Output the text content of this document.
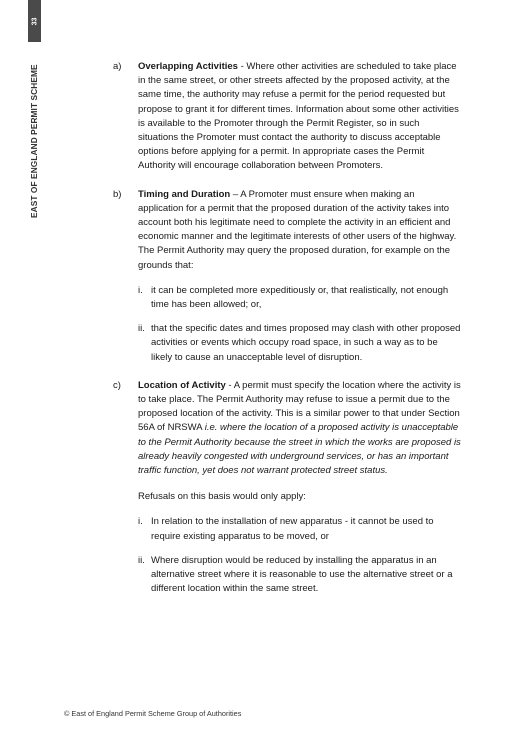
33
EAST OF ENGLAND PERMIT SCHEME	a) Overlapping Activities - Where other activities are scheduled to take place in the same street, or other streets affected by the proposed activity, at the same time, the authority may refuse a permit for the period requested but propose to grant it for different times. Information about some other activities is available to the Promoter through the Permit Register, so in such situations the Promoter must contact the authority to discuss acceptable options before applying for a permit. In appropriate cases the Permit Authority will encourage collaboration between Promoters.

b) Timing and Duration – A Promoter must ensure when making an application for a permit that the proposed duration of the activity takes into account both his legitimate need to complete the activity in an efficient and economic manner and the legitimate interests of other users of the highway. The Permit Authority may query the proposed duration, for example on the grounds that:

i. it can be completed more expeditiously or, that realistically, not enough time has been allowed; or,
ii. that the specific dates and times proposed may clash with other proposed activities or events which occupy road space, in such a way as to be likely to cause an unacceptable level of disruption.
c) Location of Activity - A permit must specify the location where the activity is to take place. The Permit Authority may refuse to issue a permit due to the proposed location of the activity. This is a similar power to that under Section 56A of NRSWA i.e. where the location of a proposed activity is unacceptable to the Permit Authority because the street in which the works are proposed is already heavily congested with underground services, or has an important traffic function, yet does not warrant protected street status.

Refusals on this basis would only apply:

i. In relation to the installation of new apparatus - it cannot be used to require existing apparatus to be moved, or
ii. Where disruption would be reduced by installing the apparatus in an alternative street where it is reasonable to use the alternative street or a different location within the same street.
© East of England Permit Scheme Group of Authorities
